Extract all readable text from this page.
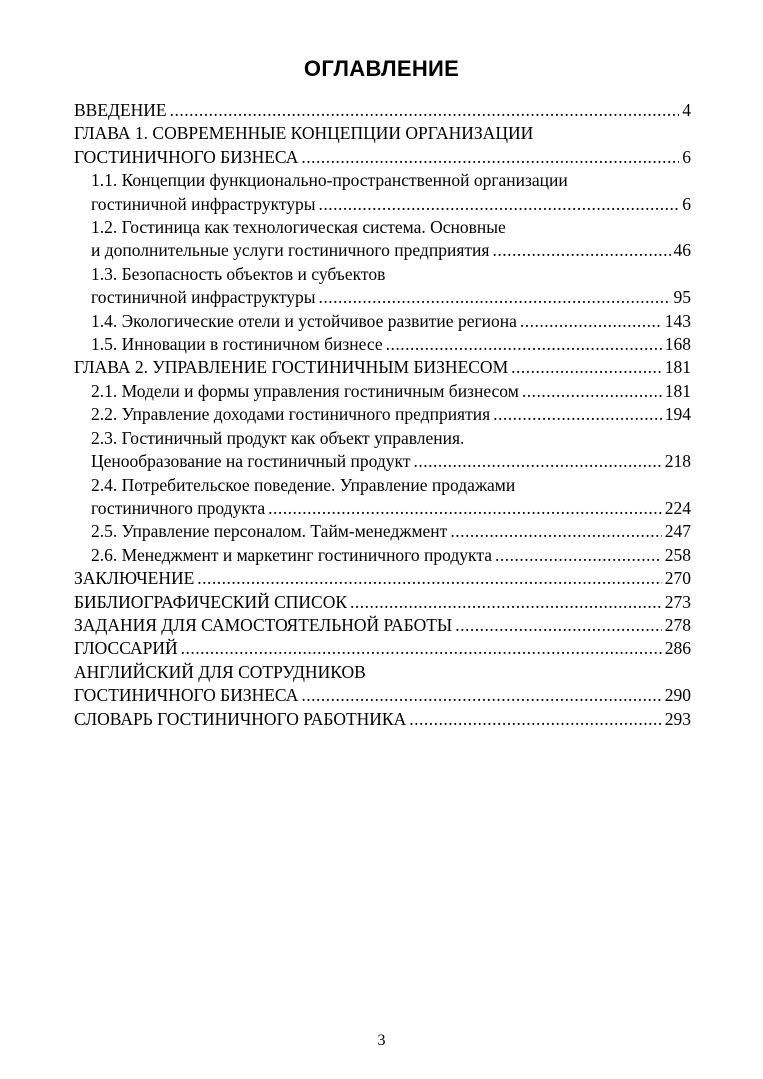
ОГЛАВЛЕНИЕ
ВВЕДЕНИЕ .....	4
ГЛАВА 1. СОВРЕМЕННЫЕ КОНЦЕПЦИИ ОРГАНИЗАЦИИ
ГОСТИНИЧНОГО БИЗНЕСА .....	6
1.1. Концепции функционально-пространственной организации
гостиничной инфраструктуры .....	6
1.2. Гостиница как технологическая система. Основные
и дополнительные услуги гостиничного предприятия .....	46
1.3. Безопасность объектов и субъектов
гостиничной инфраструктуры .....	95
1.4. Экологические отели и устойчивое развитие региона .....	143
1.5. Инновации в гостиничном бизнесе .....	168
ГЛАВА 2. УПРАВЛЕНИЕ ГОСТИНИЧНЫМ БИЗНЕСОМ .....	181
2.1. Модели и формы управления гостиничным бизнесом .....	181
2.2. Управление доходами гостиничного предприятия .....	194
2.3. Гостиничный продукт как объект управления.
Ценообразование на гостиничный продукт .....	218
2.4. Потребительское поведение. Управление продажами
гостиничного продукта .....	224
2.5. Управление персоналом. Тайм-менеджмент .....	247
2.6. Менеджмент и маркетинг гостиничного продукта .....	258
ЗАКЛЮЧЕНИЕ .....	270
БИБЛИОГРАФИЧЕСКИЙ СПИСОК .....	273
ЗАДАНИЯ ДЛЯ САМОСТОЯТЕЛЬНОЙ РАБОТЫ .....	278
ГЛОССАРИЙ .....	286
АНГЛИЙСКИЙ ДЛЯ СОТРУДНИКОВ
ГОСТИНИЧНОГО БИЗНЕСА .....	290
СЛОВАРЬ ГОСТИНИЧНОГО РАБОТНИКА .....	293
3
